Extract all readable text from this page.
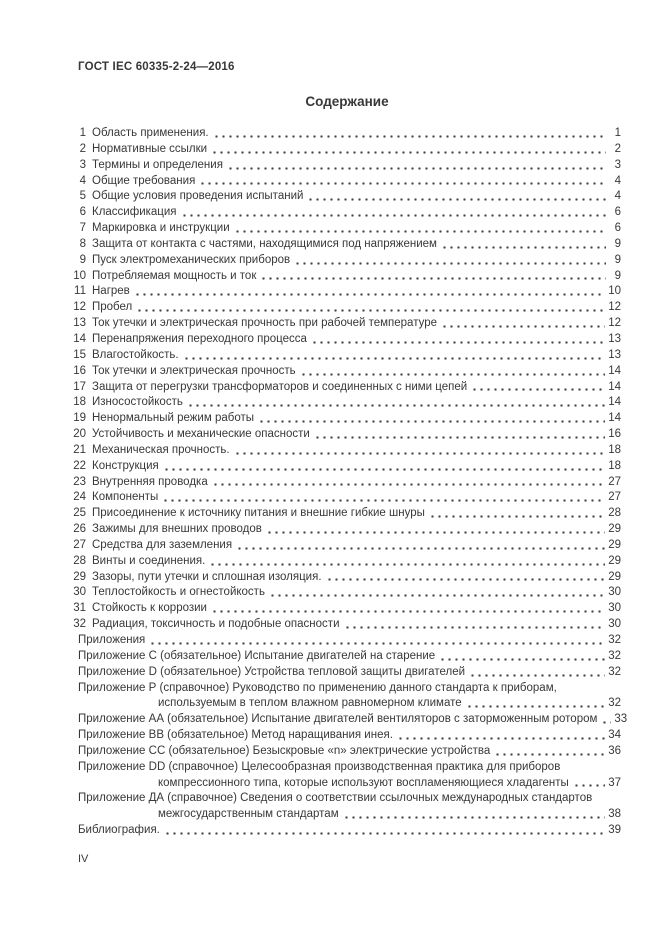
ГОСТ IEC 60335-2-24—2016
Содержание
1 Область применения.	1
2 Нормативные ссылки	2
3 Термины и определения	3
4 Общие требования	4
5 Общие условия проведения испытаний	4
6 Классификация	6
7 Маркировка и инструкции	6
8 Защита от контакта с частями, находящимися под напряжением	9
9 Пуск электромеханических приборов	9
10 Потребляемая мощность и ток	9
11 Нагрев	10
12 Пробел	12
13 Ток утечки и электрическая прочность при рабочей температуре	12
14 Перенапряжения переходного процесса	13
15 Влагостойкость.	13
16 Ток утечки и электрическая прочность	14
17 Защита от перегрузки трансформаторов и соединенных с ними цепей	14
18 Износостойкость	14
19 Ненормальный режим работы	14
20 Устойчивость и механические опасности	16
21 Механическая прочность.	18
22 Конструкция	18
23 Внутренняя проводка	27
24 Компоненты	27
25 Присоединение к источнику питания и внешние гибкие шнуры	28
26 Зажимы для внешних проводов	29
27 Средства для заземления	29
28 Винты и соединения.	29
29 Зазоры, пути утечки и сплошная изоляция.	29
30 Теплостойкость и огнестойкость	30
31 Стойкость к коррозии	30
32 Радиация, токсичность и подобные опасности	30
Приложения	32
Приложение С (обязательное) Испытание двигателей на старение	32
Приложение D (обязательное) Устройства тепловой защиты двигателей	32
Приложение Р (справочное) Руководство по применению данного стандарта к приборам,
используемым в теплом влажном равномерном климате	32
Приложение АА (обязательное) Испытание двигателей вентиляторов с заторможенным ротором 33
Приложение ВВ (обязательное) Метод наращивания инея.	34
Приложение СС (обязательное) Безыскровые «n» электрические устройства	36
Приложение DD (справочное) Целесообразная производственная практика для приборов
компрессионного типа, которые используют воспламеняющиеся хладагенты	37
Приложение ДА (справочное) Сведения о соответствии ссылочных международных стандартов
межгосударственным стандартам	38
Библиография.	39
IV
